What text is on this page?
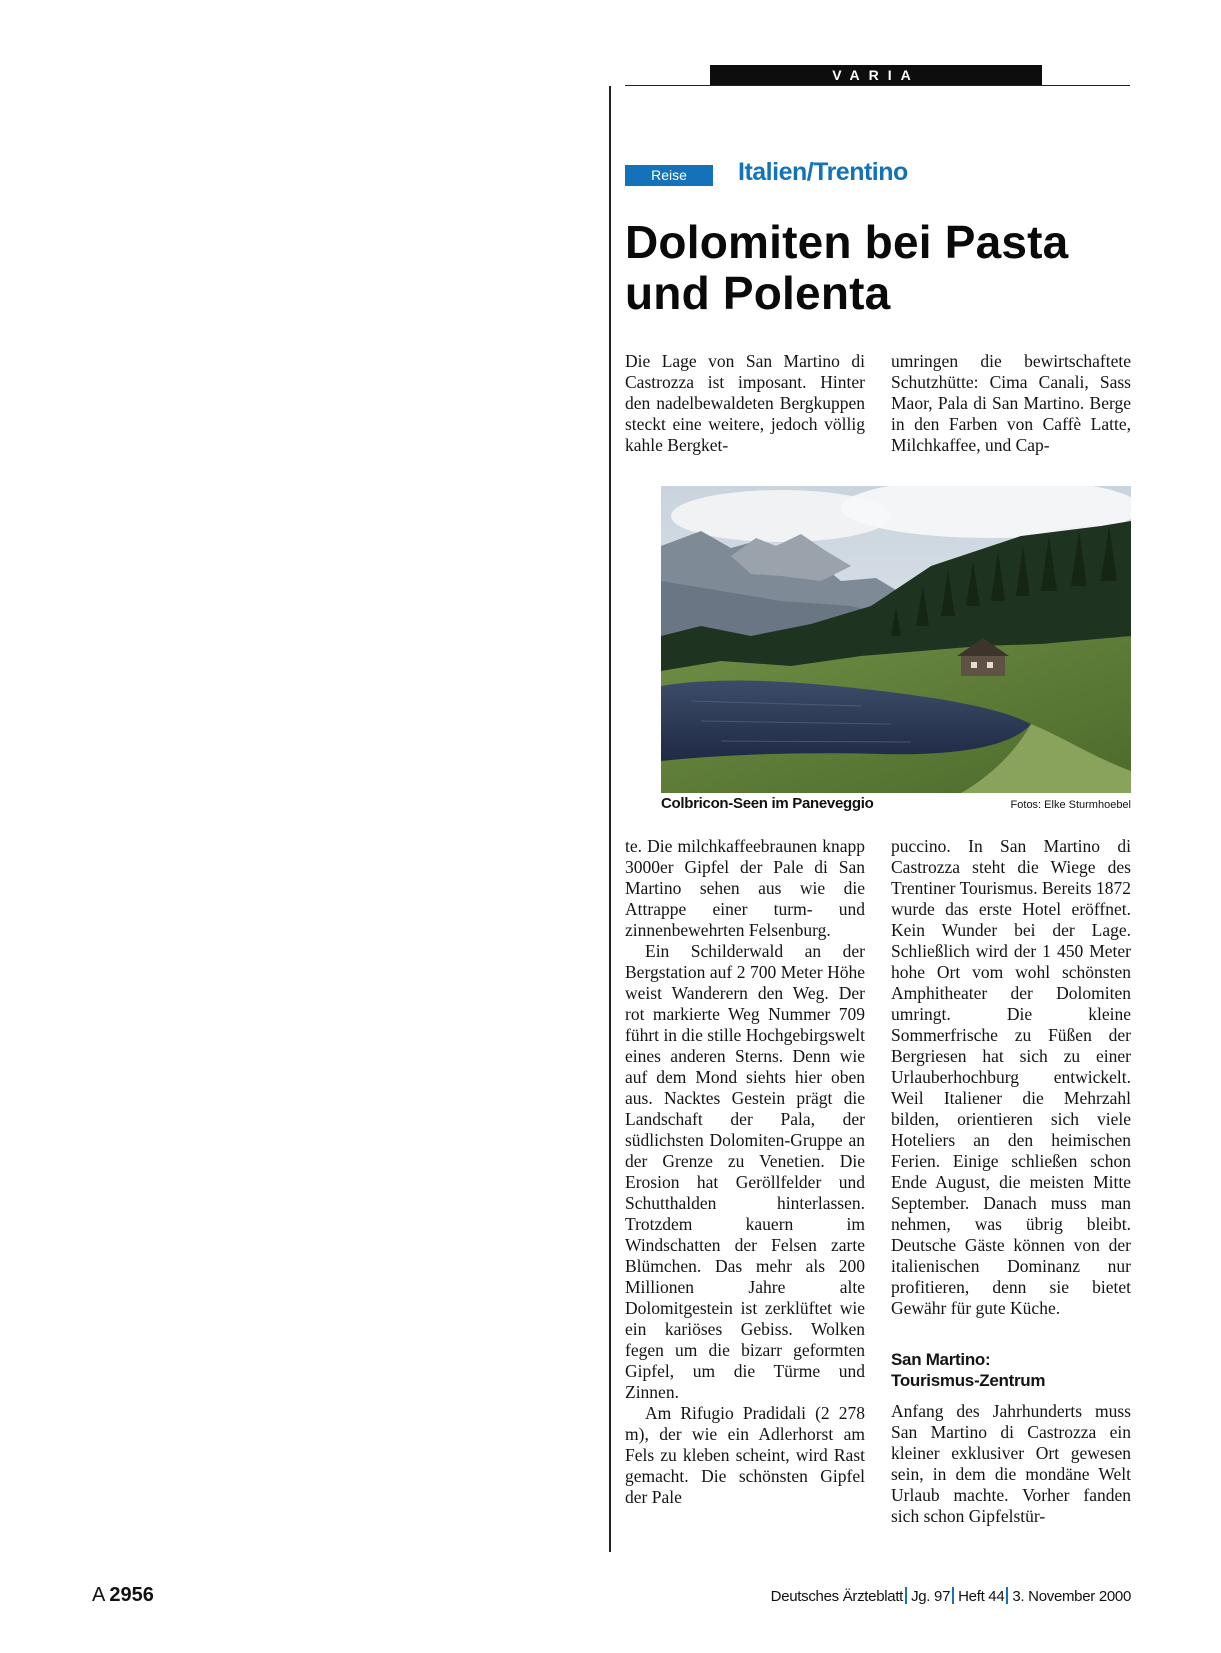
VARIA
Reise	Italien/Trentino
Dolomiten bei Pasta
und Polenta

Die Lage von San Martino di Castrozza ist imposant. Hinter den nadelbewaldeten Bergkuppen steckt eine weitere, jedoch völlig kahle Bergket-

umringen die bewirtschaftete Schutzhütte: Cima Canali, Sass Maor, Pala di San Martino. Berge in den Farben von Caffè Latte, Milchkaffee, und Cap-

Colbricon-Seen im Paneveggio	Fotos: Elke Sturmhoebel

te. Die milchkaffeebraunen knapp 3000er Gipfel der Pale di San Martino sehen aus wie die Attrappe einer turm- und zinnenbewehrten Felsenburg.

Ein Schilderwald an der Bergstation auf 2 700 Meter Höhe weist Wanderern den Weg. Der rot markierte Weg Nummer 709 führt in die stille Hochgebirgswelt eines anderen Sterns. Denn wie auf dem Mond siehts hier oben aus. Nacktes Gestein prägt die Landschaft der Pala, der südlichsten Dolomiten-Gruppe an der Grenze zu Venetien. Die Erosion hat Geröllfelder und Schutthalden hinterlassen. Trotzdem kauern im Windschatten der Felsen zarte Blümchen. Das mehr als 200 Millionen Jahre alte Dolomitgestein ist zerklüftet wie ein kariöses Gebiss. Wolken fegen um die bizarr geformten Gipfel, um die Türme und Zinnen.

Am Rifugio Pradidali (2 278 m), der wie ein Adlerhorst am Fels zu kleben scheint, wird Rast gemacht. Die schönsten Gipfel der Pale

puccino. In San Martino di Castrozza steht die Wiege des Trentiner Tourismus. Bereits 1872 wurde das erste Hotel eröffnet. Kein Wunder bei der Lage. Schließlich wird der 1 450 Meter hohe Ort vom wohl schönsten Amphitheater der Dolomiten umringt. Die kleine Sommerfrische zu Füßen der Bergriesen hat sich zu einer Urlauberhochburg entwickelt. Weil Italiener die Mehrzahl bilden, orientieren sich viele Hoteliers an den heimischen Ferien. Einige schließen schon Ende August, die meisten Mitte September. Danach muss man nehmen, was übrig bleibt. Deutsche Gäste können von der italienischen Dominanz nur profitieren, denn sie bietet Gewähr für gute Küche.

San Martino:
Tourismus-Zentrum

Anfang des Jahrhunderts muss San Martino di Castrozza ein kleiner exklusiver Ort gewesen sein, in dem die mondäne Welt Urlaub machte. Vorher fanden sich schon Gipfelstür-

A 2956	Deutsches Ärzteblatt Jg. 97 Heft 44 3. November 2000
